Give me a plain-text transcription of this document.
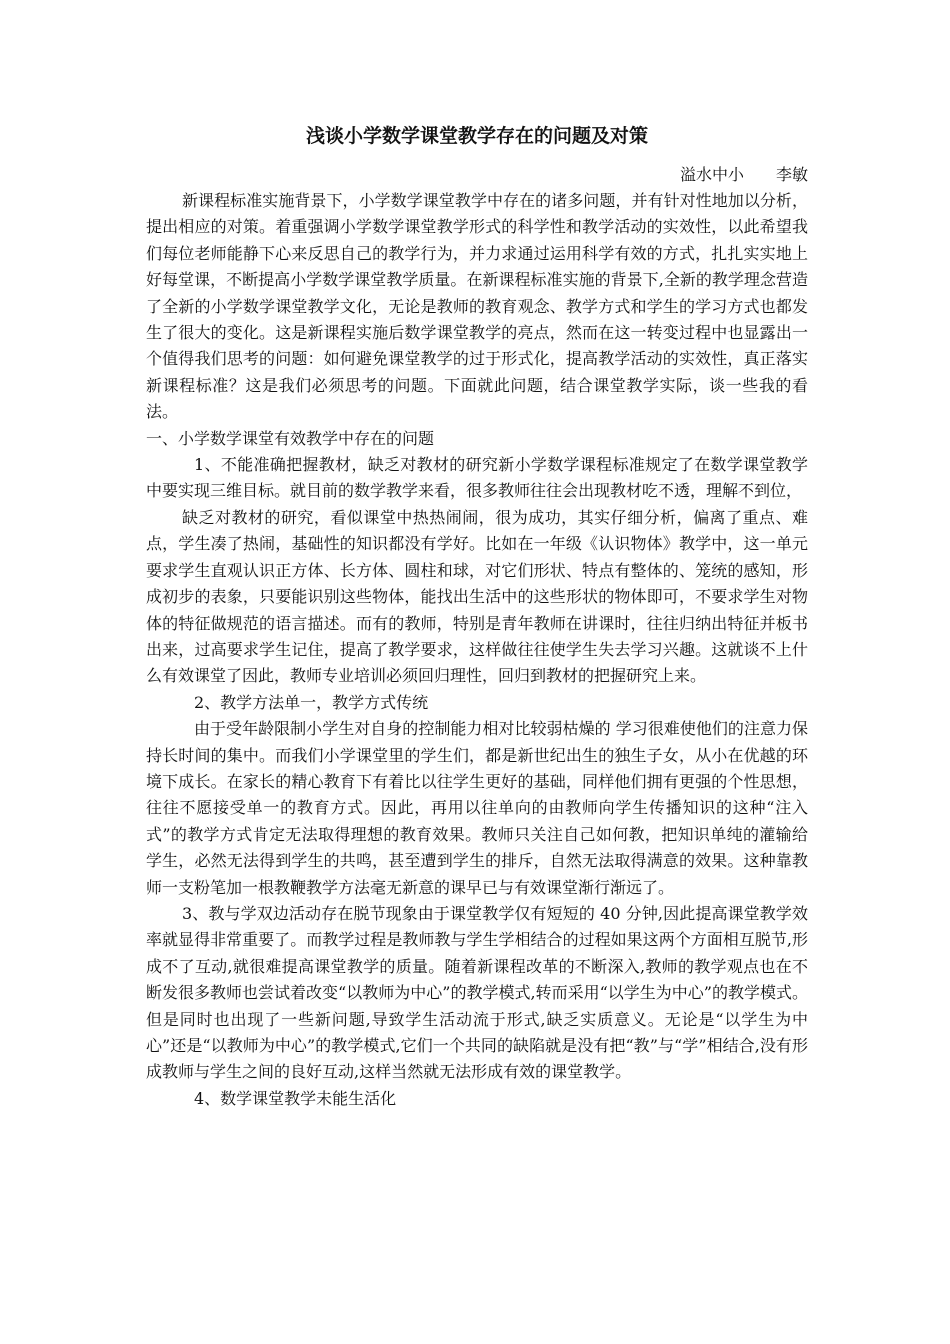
浅谈小学数学课堂教学存在的问题及对策

溢水中小　　李敏

新课程标准实施背景下，小学数学课堂教学中存在的诸多问题，并有针对性地加以分析，提出相应的对策。着重强调小学数学课堂教学形式的科学性和教学活动的实效性，以此希望我们每位老师能静下心来反思自己的教学行为，并力求通过运用科学有效的方式，扎扎实实地上好每堂课，不断提高小学数学课堂教学质量。在新课程标准实施的背景下,全新的教学理念营造了全新的小学数学课堂教学文化，无论是教师的教育观念、教学方式和学生的学习方式也都发生了很大的变化。这是新课程实施后数学课堂教学的亮点，然而在这一转变过程中也显露出一个值得我们思考的问题：如何避免课堂教学的过于形式化，提高教学活动的实效性，真正落实新课程标准？这是我们必须思考的问题。下面就此问题，结合课堂教学实际，谈一些我的看法。

一、小学数学课堂有效教学中存在的问题

1、不能准确把握教材，缺乏对教材的研究新小学数学课程标准规定了在数学课堂教学中要实现三维目标。就目前的数学教学来看，很多教师往往会出现教材吃不透，理解不到位，

缺乏对教材的研究，看似课堂中热热闹闹，很为成功，其实仔细分析，偏离了重点、难点，学生凑了热闹，基础性的知识都没有学好。比如在一年级《认识物体》教学中，这一单元要求学生直观认识正方体、长方体、圆柱和球，对它们形状、特点有整体的、笼统的感知，形成初步的表象，只要能识别这些物体，能找出生活中的这些形状的物体即可，不要求学生对物体的特征做规范的语言描述。而有的教师，特别是青年教师在讲课时，往往归纳出特征并板书出来，过高要求学生记住，提高了教学要求，这样做往往使学生失去学习兴趣。这就谈不上什么有效课堂了因此，教师专业培训必须回归理性，回归到教材的把握研究上来。

2、教学方法单一，教学方式传统

由于受年龄限制小学生对自身的控制能力相对比较弱枯燥的 学习很难使他们的注意力保持长时间的集中。而我们小学课堂里的学生们，都是新世纪出生的独生子女，从小在优越的环境下成长。在家长的精心教育下有着比以往学生更好的基础，同样他们拥有更强的个性思想，往往不愿接受单一的教育方式。因此，再用以往单向的由教师向学生传播知识的这种“注入式”的教学方式肯定无法取得理想的教育效果。教师只关注自己如何教，把知识单纯的灌输给学生，必然无法得到学生的共鸣，甚至遭到学生的排斥，自然无法取得满意的效果。这种靠教师一支粉笔加一根教鞭教学方法毫无新意的课早已与有效课堂渐行渐远了。

3、教与学双边活动存在脱节现象由于课堂教学仅有短短的 40 分钟,因此提高课堂教学效率就显得非常重要了。而教学过程是教师教与学生学相结合的过程如果这两个方面相互脱节,形成不了互动,就很难提高课堂教学的质量。随着新课程改革的不断深入,教师的教学观点也在不断发很多教师也尝试着改变“以教师为中心”的教学模式,转而采用“以学生为中心”的教学模式。但是同时也出现了一些新问题,导致学生活动流于形式,缺乏实质意义。无论是“以学生为中心”还是“以教师为中心”的教学模式,它们一个共同的缺陷就是没有把“教”与“学”相结合,没有形成教师与学生之间的良好互动,这样当然就无法形成有效的课堂教学。

4、数学课堂教学未能生活化
